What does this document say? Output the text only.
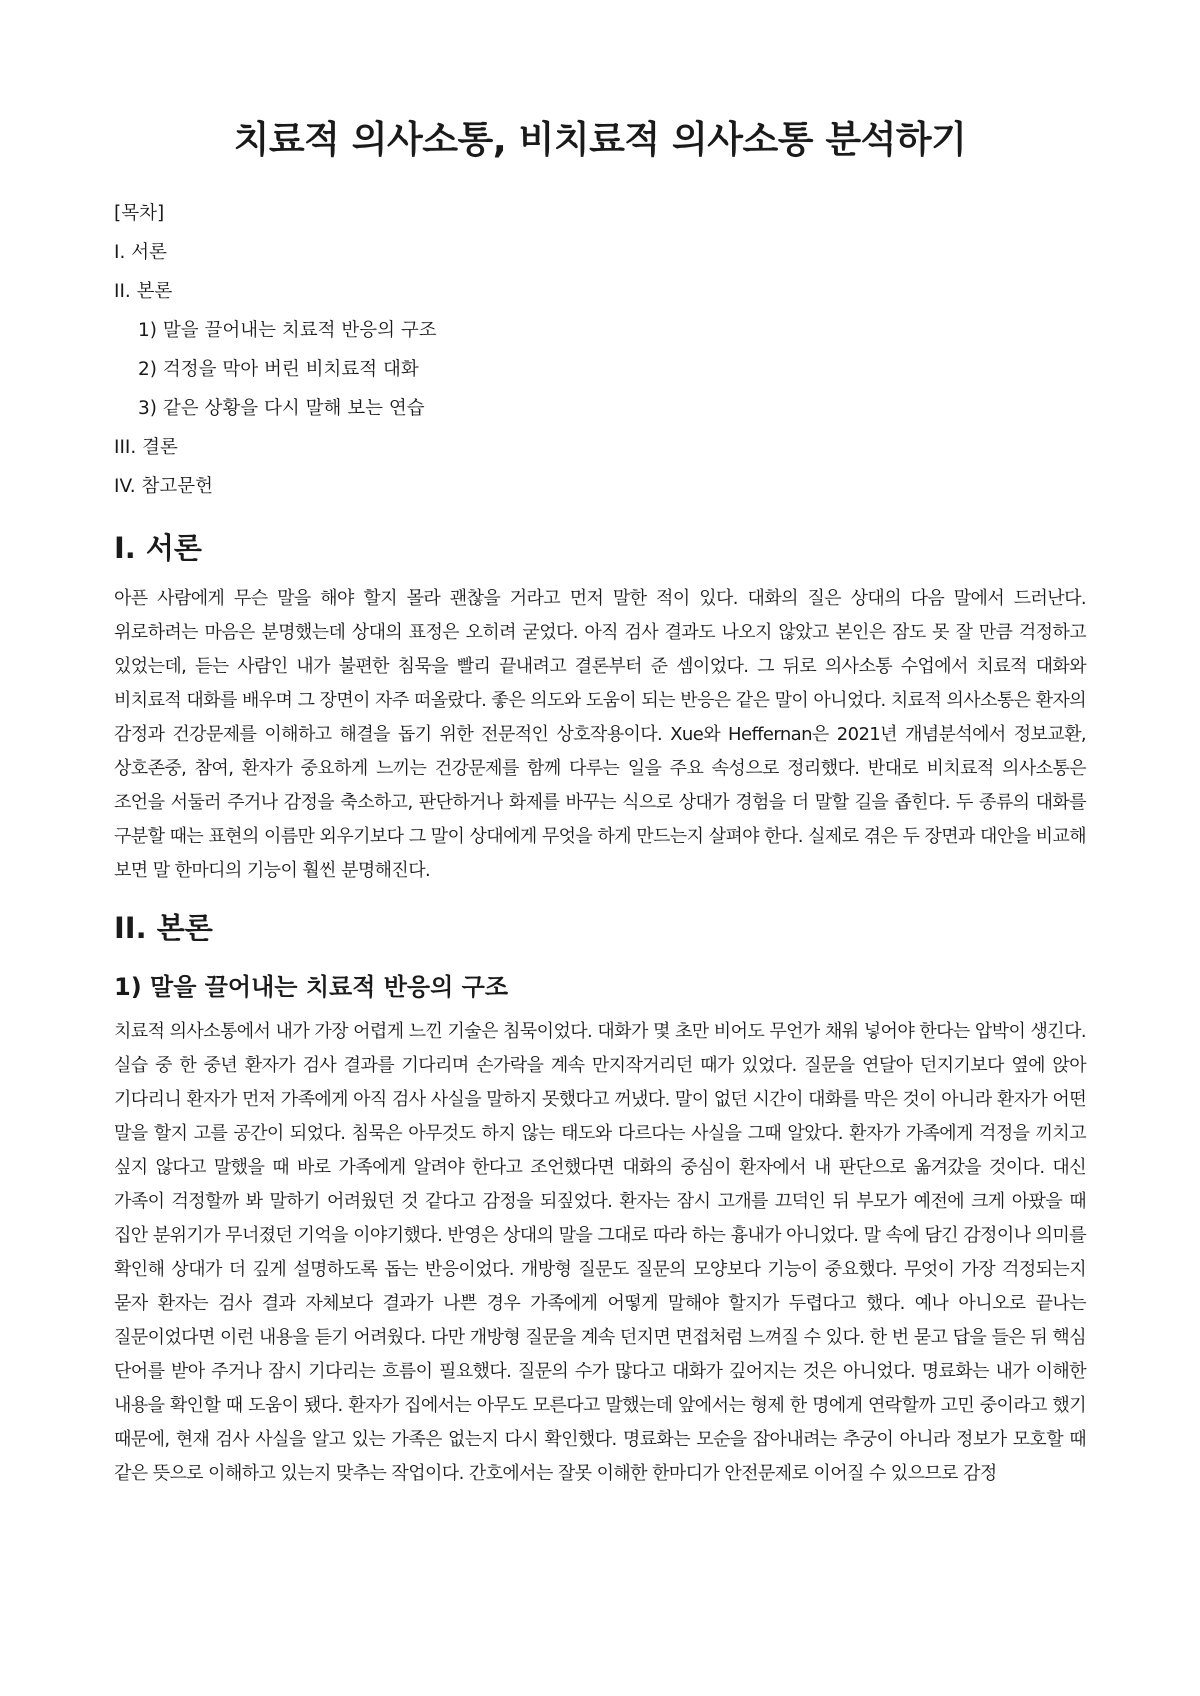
치료적 의사소통, 비치료적 의사소통 분석하기
[목차]
I. 서론
II. 본론
1) 말을 끌어내는 치료적 반응의 구조
2) 걱정을 막아 버린 비치료적 대화
3) 같은 상황을 다시 말해 보는 연습
III. 결론
IV. 참고문헌
I. 서론

아픈 사람에게 무슨 말을 해야 할지 몰라 괜찮을 거라고 먼저 말한 적이 있다. 대화의 질은 상대의 다음 말에서 드러난다. 위로하려는 마음은 분명했는데 상대의 표정은 오히려 굳었다. 아직 검사 결과도 나오지 않았고 본인은 잠도 못 잘 만큼 걱정하고 있었는데, 듣는 사람인 내가 불편한 침묵을 빨리 끝내려고 결론부터 준 셈이었다. 그 뒤로 의사소통 수업에서 치료적 대화와 비치료적 대화를 배우며 그 장면이 자주 떠올랐다. 좋은 의도와 도움이 되는 반응은 같은 말이 아니었다. 치료적 의사소통은 환자의 감정과 건강문제를 이해하고 해결을 돕기 위한 전문적인 상호작용이다. Xue와 Heffernan은 2021년 개념분석에서 정보교환, 상호존중, 참여, 환자가 중요하게 느끼는 건강문제를 함께 다루는 일을 주요 속성으로 정리했다. 반대로 비치료적 의사소통은 조언을 서둘러 주거나 감정을 축소하고, 판단하거나 화제를 바꾸는 식으로 상대가 경험을 더 말할 길을 좁힌다. 두 종류의 대화를 구분할 때는 표현의 이름만 외우기보다 그 말이 상대에게 무엇을 하게 만드는지 살펴야 한다. 실제로 겪은 두 장면과 대안을 비교해 보면 말 한마디의 기능이 훨씬 분명해진다.

II. 본론
1) 말을 끌어내는 치료적 반응의 구조

치료적 의사소통에서 내가 가장 어렵게 느낀 기술은 침묵이었다. 대화가 몇 초만 비어도 무언가 채워 넣어야 한다는 압박이 생긴다. 실습 중 한 중년 환자가 검사 결과를 기다리며 손가락을 계속 만지작거리던 때가 있었다. 질문을 연달아 던지기보다 옆에 앉아 기다리니 환자가 먼저 가족에게 아직 검사 사실을 말하지 못했다고 꺼냈다. 말이 없던 시간이 대화를 막은 것이 아니라 환자가 어떤 말을 할지 고를 공간이 되었다. 침묵은 아무것도 하지 않는 태도와 다르다는 사실을 그때 알았다. 환자가 가족에게 걱정을 끼치고 싶지 않다고 말했을 때 바로 가족에게 알려야 한다고 조언했다면 대화의 중심이 환자에서 내 판단으로 옮겨갔을 것이다. 대신 가족이 걱정할까 봐 말하기 어려웠던 것 같다고 감정을 되짚었다. 환자는 잠시 고개를 끄덕인 뒤 부모가 예전에 크게 아팠을 때 집안 분위기가 무너졌던 기억을 이야기했다. 반영은 상대의 말을 그대로 따라 하는 흉내가 아니었다. 말 속에 담긴 감정이나 의미를 확인해 상대가 더 깊게 설명하도록 돕는 반응이었다. 개방형 질문도 질문의 모양보다 기능이 중요했다. 무엇이 가장 걱정되는지 묻자 환자는 검사 결과 자체보다 결과가 나쁜 경우 가족에게 어떻게 말해야 할지가 두렵다고 했다. 예나 아니오로 끝나는 질문이었다면 이런 내용을 듣기 어려웠다. 다만 개방형 질문을 계속 던지면 면접처럼 느껴질 수 있다. 한 번 묻고 답을 들은 뒤 핵심 단어를 받아 주거나 잠시 기다리는 흐름이 필요했다. 질문의 수가 많다고 대화가 깊어지는 것은 아니었다. 명료화는 내가 이해한 내용을 확인할 때 도움이 됐다. 환자가 집에서는 아무도 모른다고 말했는데 앞에서는 형제 한 명에게 연락할까 고민 중이라고 했기 때문에, 현재 검사 사실을 알고 있는 가족은 없는지 다시 확인했다. 명료화는 모순을 잡아내려는 추궁이 아니라 정보가 모호할 때 같은 뜻으로 이해하고 있는지 맞추는 작업이다. 간호에서는 잘못 이해한 한마디가 안전문제로 이어질 수 있으므로 감정
